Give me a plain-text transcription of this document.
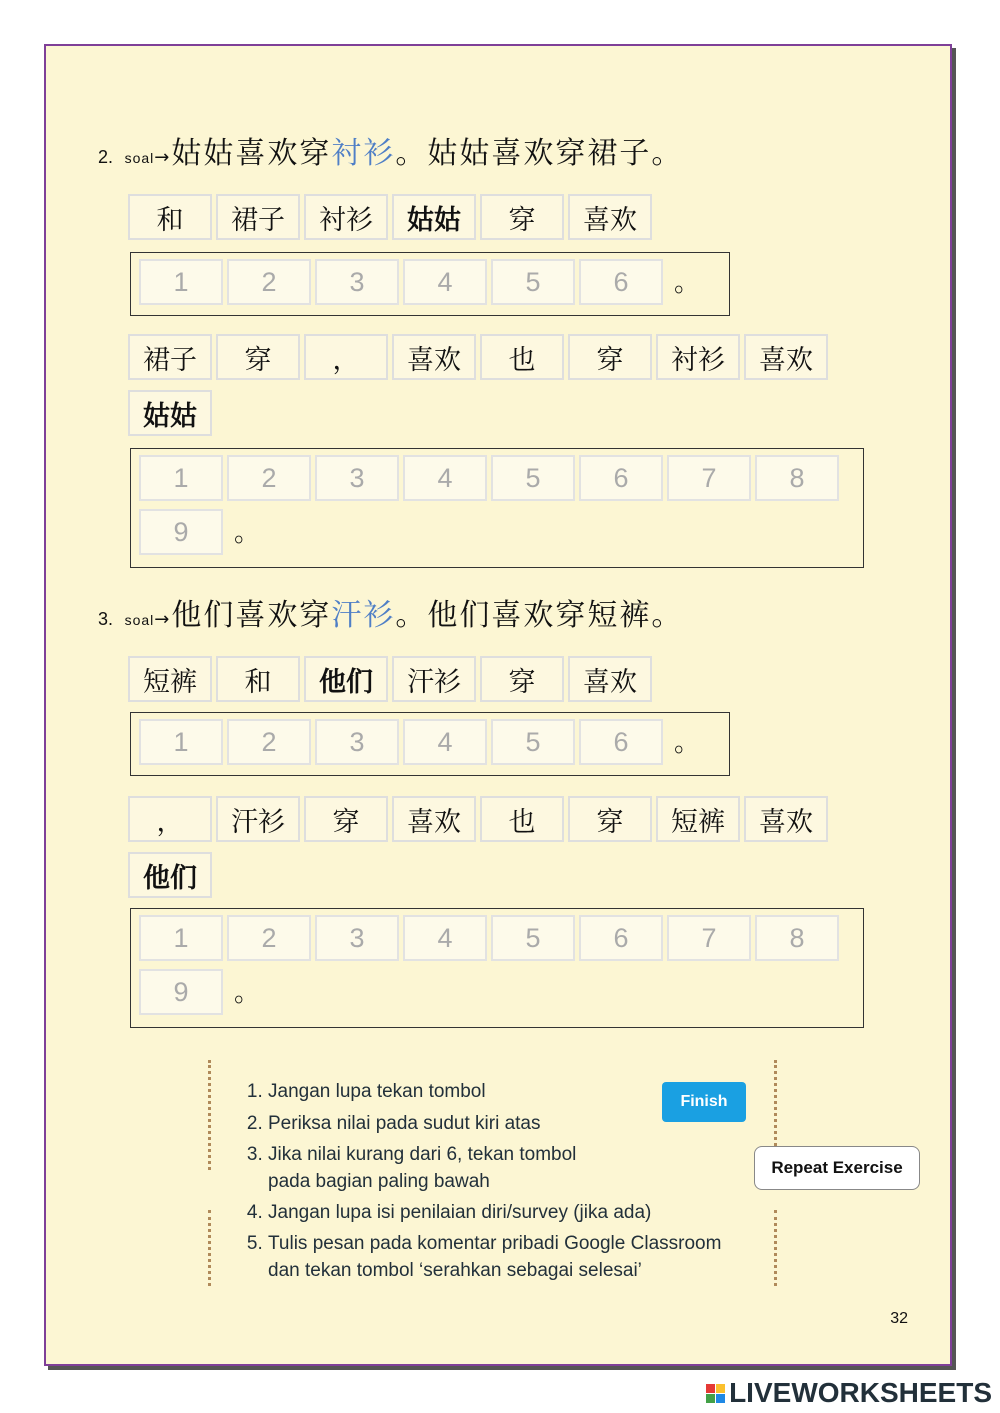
2. soal→姑姑喜欢穿衬衫。姑姑喜欢穿裙子。
和	裙子	衬衫	姑姑	穿	喜欢
1	2	3	4	5	6	。
裙子	穿	，	喜欢	也	穿	衬衫	喜欢
姑姑
1	2	3	4	5	6	7	8
9	。
3. soal→他们喜欢穿汗衫。他们喜欢穿短裤。
短裤	和	他们	汗衫	穿	喜欢
1	2	3	4	5	6	。
，	汗衫	穿	喜欢	也	穿	短裤	喜欢
他们
1	2	3	4	5	6	7	8
9	。
1. Jangan lupa tekan tombol
2. Periksa nilai pada sudut kiri atas
3. Jika nilai kurang dari 6, tekan tombol pada bagian paling bawah
4. Jangan lupa isi penilaian diri/survey (jika ada)
5. Tulis pesan pada komentar pribadi Google Classroom dan tekan tombol ‘serahkan sebagai selesai’
Finish
Repeat Exercise
32
LIVEWORKSHEETS
